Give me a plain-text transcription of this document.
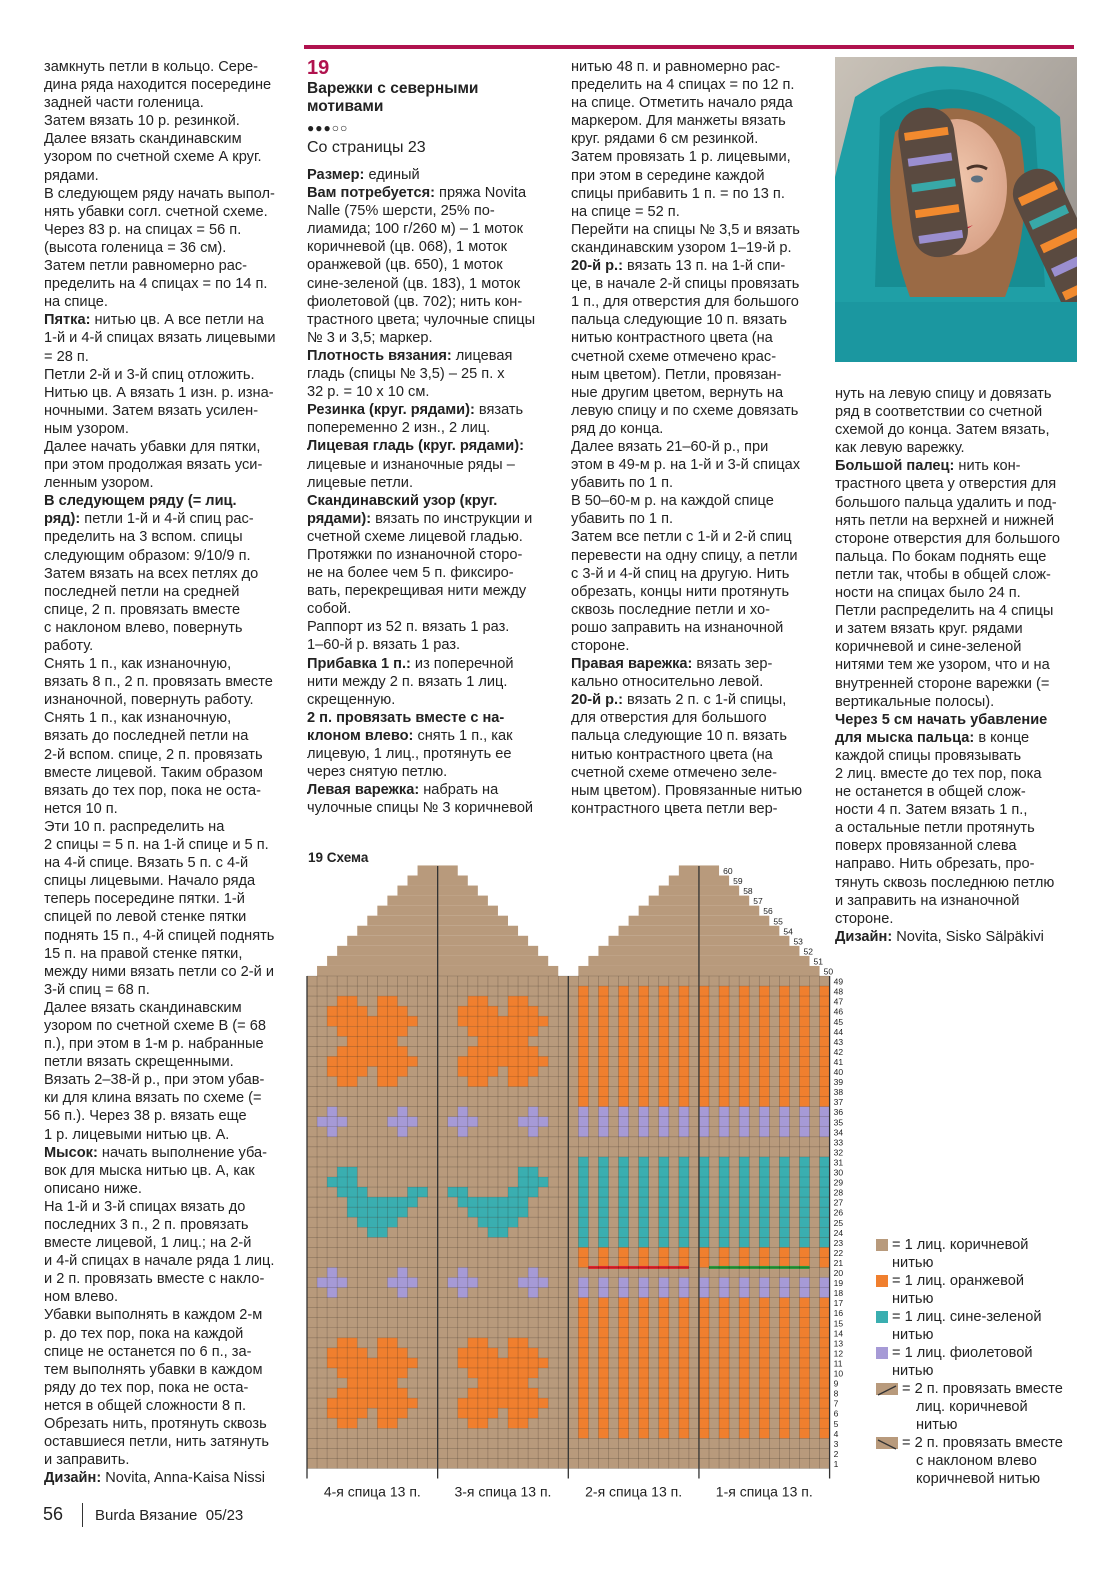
замкнуть петли в кольцо. Сере-

дина ряда находится посередине

задней части голеница.

Затем вязать 10 р. резинкой.

Далее вязать скандинавским

узором по счетной схеме А круг.

рядами.

В следующем ряду начать выпол-

нять убавки согл. счетной схеме.

Через 83 р. на спицах = 56 п.

(высота голеница = 36 см).

Затем петли равномерно рас-

пределить на 4 спицах = по 14 п.

на спице.

Пятка: нитью цв. А все петли на

1-й и 4-й спицах вязать лицевыми

= 28 п.

Петли 2-й и 3-й спиц отложить.

Нитью цв. А вязать 1 изн. р. изна-

ночными. Затем вязать усилен-

ным узором.

Далее начать убавки для пятки,

при этом продолжая вязать уси-

ленным узором.

В следующем ряду (= лиц.

ряд): петли 1-й и 4-й спиц рас-

пределить на 3 вспом. спицы

следующим образом: 9/10/9 п.

Затем вязать на всех петлях до

последней петли на средней

спице, 2 п. провязать вместе

с наклоном влево, повернуть

работу.

Снять 1 п., как изнаночную,

вязать 8 п., 2 п. провязать вместе

изнаночной, повернуть работу.

Снять 1 п., как изнаночную,

вязать до последней петли на

2-й вспом. спице, 2 п. провязать

вместе лицевой. Таким образом

вязать до тех пор, пока не оста-

нется 10 п.

Эти 10 п. распределить на

2 спицы = 5 п. на 1-й спице и 5 п.

на 4-й спице. Вязать 5 п. с 4-й

спицы лицевыми. Начало ряда

теперь посередине пятки. 1-й

спицей по левой стенке пятки

поднять 15 п., 4-й спицей поднять

15 п. на правой стенке пятки,

между ними вязать петли со 2-й и

3-й спиц = 68 п.

Далее вязать скандинавским

узором по счетной схеме В (= 68

п.), при этом в 1-м р. набранные

петли вязать скрещенными.

Вязать 2–38-й р., при этом убав-

ки для клина вязать по схеме (=

56 п.). Через 38 р. вязать еще

1 р. лицевыми нитью цв. А.

Мысок: начать выполнение уба-

вок для мыска нитью цв. А, как

описано ниже.

На 1-й и 3-й спицах вязать до

последних 3 п., 2 п. провязать

вместе лицевой, 1 лиц.; на 2-й

и 4-й спицах в начале ряда 1 лиц.

и 2 п. провязать вместе с накло-

ном влево.

Убавки выполнять в каждом 2-м

р. до тех пор, пока на каждой

спице не останется по 6 п., за-

тем выполнять убавки в каждом

ряду до тех пор, пока не оста-

нется в общей сложности 8 п.

Обрезать нить, протянуть сквозь

оставшиеся петли, нить затянуть

и заправить.

Дизайн: Novita, Anna-Kaisa Nissi

19
Варежки с северными мотивами
●●●○○
Со страницы 23

Размер: единый

Вам потребуется: пряжа Novita

Nalle (75% шерсти, 25% по-

лиамида; 100 г/260 м) – 1 моток

коричневой (цв. 068), 1 моток

оранжевой (цв. 650), 1 моток

сине-зеленой (цв. 183), 1 моток

фиолетовой (цв. 702); нить кон-

трастного цвета; чулочные спицы

№ 3 и 3,5; маркер.

Плотность вязания: лицевая

гладь (спицы № 3,5) – 25 п. х

32 р. = 10 х 10 см.

Резинка (круг. рядами): вязать

попеременно 2 изн., 2 лиц.

Лицевая гладь (круг. рядами):

лицевые и изнаночные ряды –

лицевые петли.

Скандинавский узор (круг.

рядами): вязать по инструкции и

счетной схеме лицевой гладью.

Протяжки по изнаночной сторо-

не на более чем 5 п. фиксиро-

вать, перекрещивая нити между

собой.

Раппорт из 52 п. вязать 1 раз.

1–60-й р. вязать 1 раз.

Прибавка 1 п.: из поперечной

нити между 2 п. вязать 1 лиц.

скрещенную.

2 п. провязать вместе с на-

клоном влево: снять 1 п., как

лицевую, 1 лиц., протянуть ее

через снятую петлю.

Левая варежка: набрать на

чулочные спицы № 3 коричневой

нитью 48 п. и равномерно рас-

пределить на 4 спицах = по 12 п.

на спице. Отметить начало ряда

маркером. Для манжеты вязать

круг. рядами 6 см резинкой.

Затем провязать 1 р. лицевыми,

при этом в середине каждой

спицы прибавить 1 п. = по 13 п.

на спице = 52 п.

Перейти на спицы № 3,5 и вязать

скандинавским узором 1–19-й р.

20-й р.: вязать 13 п. на 1-й спи-

це, в начале 2-й спицы провязать

1 п., для отверстия для большого

пальца следующие 10 п. вязать

нитью контрастного цвета (на

счетной схеме отмечено крас-

ным цветом). Петли, провязан-

ные другим цветом, вернуть на

левую спицу и по схеме довязать

ряд до конца.

Далее вязать 21–60-й р., при

этом в 49-м р. на 1-й и 3-й спицах

убавить по 1 п.

В 50–60-м р. на каждой спице

убавить по 1 п.

Затем все петли с 1-й и 2-й спиц

перевести на одну спицу, а петли

с 3-й и 4-й спиц на другую. Нить

обрезать, концы нити протянуть

сквозь последние петли и хо-

рошо заправить на изнаночной

стороне.

Правая варежка: вязать зер-

кально относительно левой.

20-й р.: вязать 2 п. с 1-й спицы,

для отверстия для большого

пальца следующие 10 п. вязать

нитью контрастного цвета (на

счетной схеме отмечено зеле-

ным цветом). Провязанные нитью

контрастного цвета петли вер-

нуть на левую спицу и довязать

ряд в соответствии со счетной

схемой до конца. Затем вязать,

как левую варежку.

Большой палец: нить кон-

трастного цвета у отверстия для

большого пальца удалить и под-

нять петли на верхней и нижней

стороне отверстия для большого

пальца. По бокам поднять еще

петли так, чтобы в общей слож-

ности на спицах было 24 п.

Петли распределить на 4 спицы

и затем вязать круг. рядами

коричневой и сине-зеленой

нитями тем же узором, что и на

внутренней стороне варежки (=

вертикальные полосы).

Через 5 см начать убавление

для мыска пальца: в конце

каждой спицы провязывать

2 лиц. вместе до тех пор, пока

не останется в общей слож-

ности 4 п. Затем вязать 1 п.,

а остальные петли протянуть

поверх провязанной слева

направо. Нить обрезать, про-

тянуть сквозь последнюю петлю

и заправить на изнаночной

стороне.

Дизайн: Novita, Sisko Sälpäkivi

19 Схема
1
2
3
4
5
6
7
8
9
10
11
12
13
14
15
16
17
18
19
20
21
22
23
24
25
26
27
28
29
30
31
32
33
34
35
36
37
38
39
40
41
42
43
44
45
46
47
48
49
50
51
52
53
54
55
56
57
58
59
60
4-я спица 13 п. 3-я спица 13 п. 2-я спица 13 п. 1-я спица 13 п.
= 1 лиц. коричневой
нитью
= 1 лиц. оранжевой
нитью
= 1 лиц. сине-зеленой
нитью
= 1 лиц. фиолетовой
нитью
= 2 п. провязать вместе
лиц. коричневой
нитью
= 2 п. провязать вместе
с наклоном влево
коричневой нитью
56 Burda Вязание 05/23
